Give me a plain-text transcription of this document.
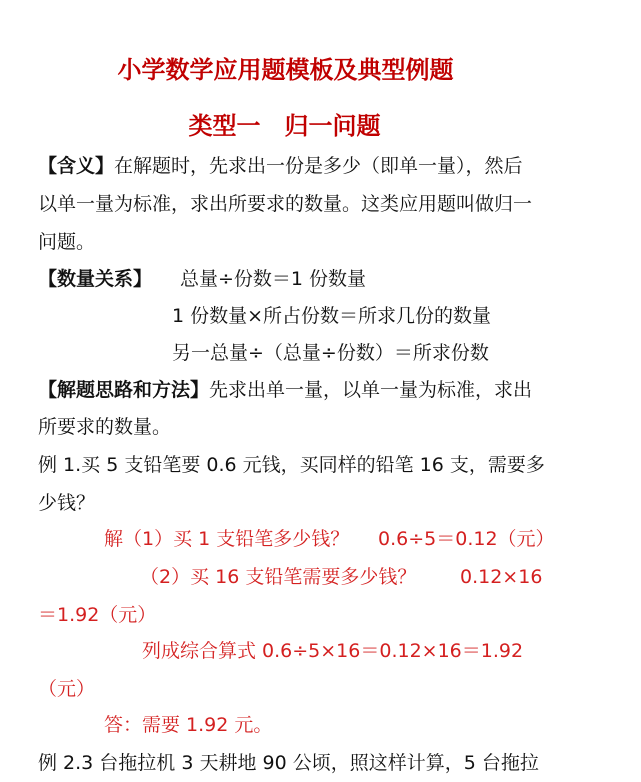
小学数学应用题模板及典型例题
类型一　归一问题
【含义】在解题时，先求出一份是多少（即单一量），然后
以单一量为标准，求出所要求的数量。这类应用题叫做归一
问题。
【数量关系】 总量÷份数＝1 份数量
1 份数量×所占份数＝所求几份的数量
另一总量÷（总量÷份数）＝所求份数
【解题思路和方法】先求出单一量，以单一量为标准，求出
所要求的数量。
例 1.买 5 支铅笔要 0.6 元钱，买同样的铅笔 16 支，需要多
少钱？
解（1）买 1 支铅笔多少钱？ 0.6÷5＝0.12（元）
（2）买 16 支铅笔需要多少钱？ 0.12×16
＝1.92（元）
列成综合算式 0.6÷5×16＝0.12×16＝1.92
（元）
答：需要 1.92 元。
例 2.3 台拖拉机 3 天耕地 90 公顷，照这样计算，5 台拖拉
